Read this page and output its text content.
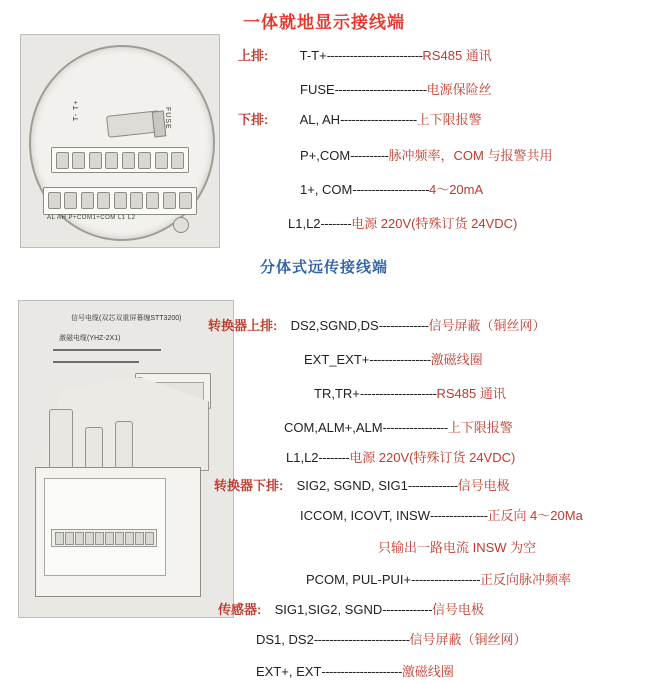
一体就地显示接线端
分体式远传接线端
FUSE
T- T+
AL AH P+COM1+COM L1 L2
信号电缆(双芯双重屏幕缠STT3200)
激磁电缆(YHZ-2X1)
上排: T-T+-------------------------RS485 通讯
FUSE------------------------电源保险丝
下排: AL, AH--------------------上下限报警
P+,COM----------脉冲频率，COM 与报警共用
1+, COM--------------------4～20mA
L1,L2--------电源 220V(特殊订货 24VDC)
转换器上排: DS2,SGND,DS-------------信号屏蔽（铜丝网）
EXT_EXT+----------------激磁线圈
TR,TR+--------------------RS485 通讯
COM,ALM+,ALM-----------------上下限报警
L1,L2--------电源 220V(特殊订货 24VDC)
转换器下排: SIG2, SGND, SIG1-------------信号电极
ICCOM, ICOVT, INSW---------------正反向 4～20Ma
只输出一路电流 INSW 为空
PCOM, PUL-PUI+------------------正反向脉冲频率
传感器: SIG1,SIG2, SGND-------------信号电极
DS1, DS2-------------------------信号屏蔽（铜丝网）
EXT+, EXT---------------------激磁线圈
